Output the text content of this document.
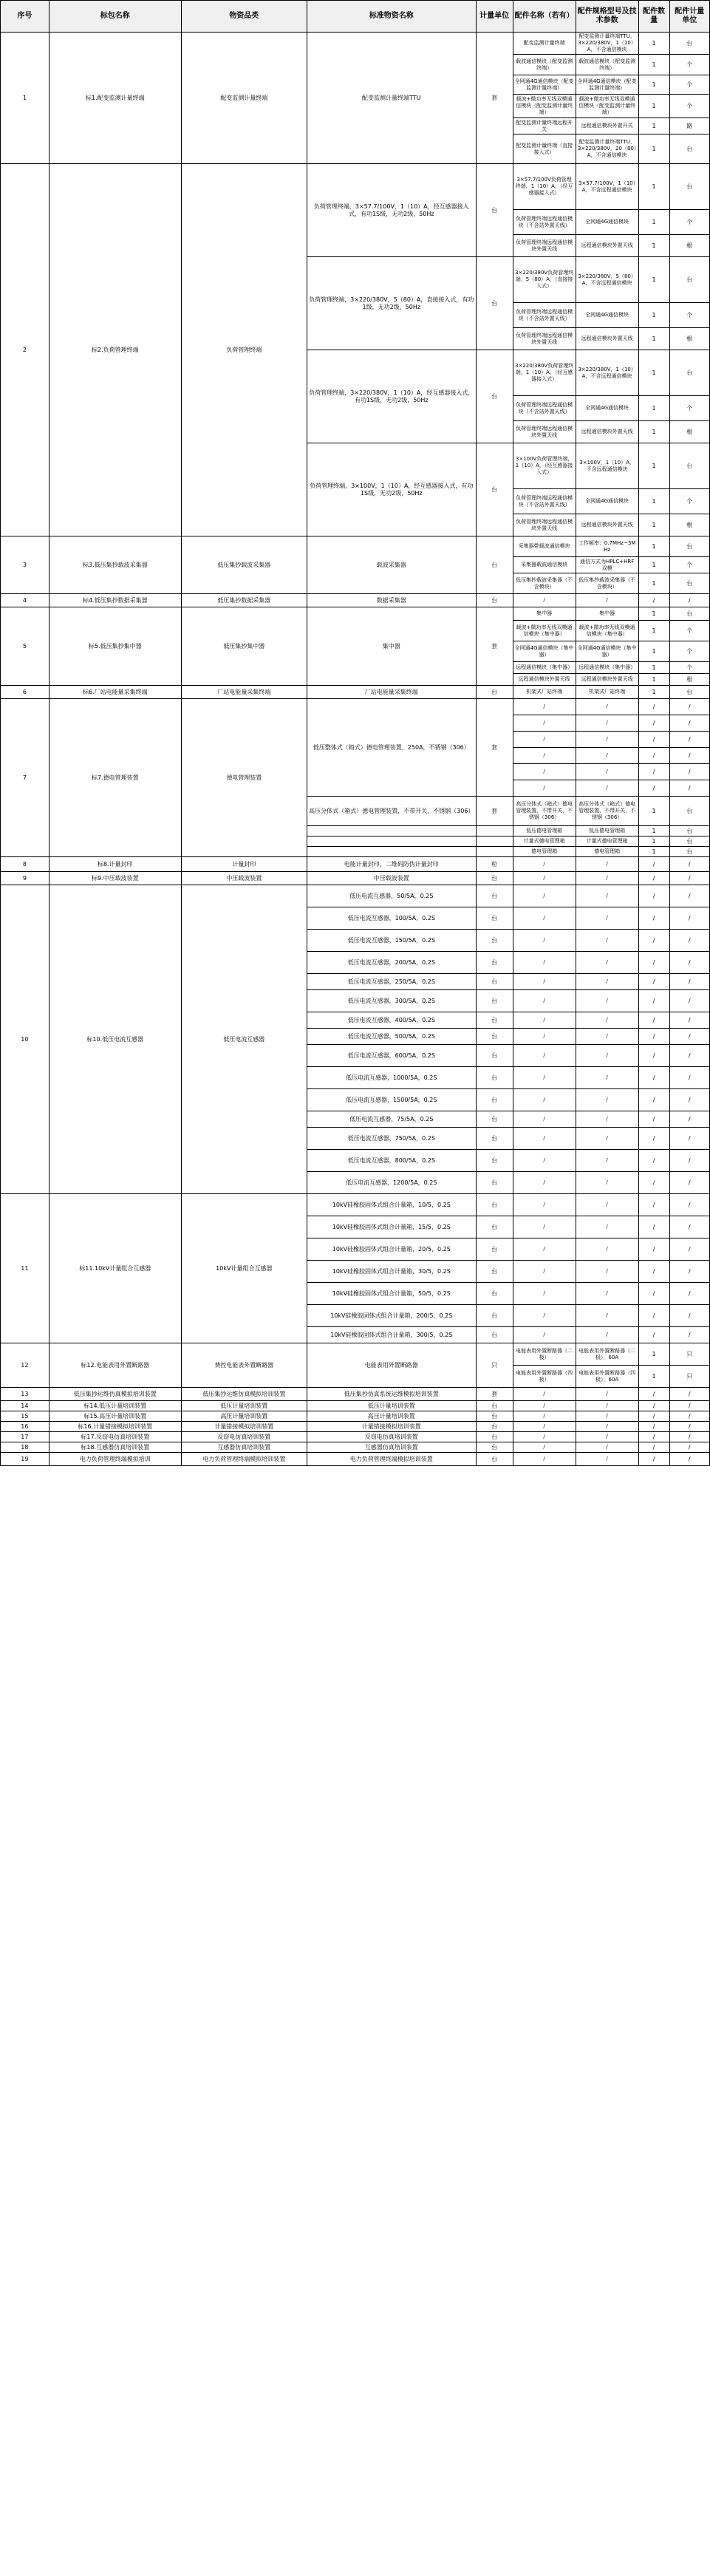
序号	标包名称	物资品类	标准物资名称	计量单位	配件名称（若有）	配件规格型号及技术参数	配件数量	配件计量单位
1	标1.配变监测计量终端	配变监测计量终端	配变监测计量终端TTU	套	配变监测计量终端	配变监测计量终端TTU，3×220/380V，1（10）A，不含通信模块	1	台
					载波通信模块（配变监测终端）	载波通信模块（配变监测终端）	1	个
					全网通4G通信模块（配变监测计量终端）	全网通4G通信模块（配变监测计量终端）	1	个
					载波+微功率无线双模通信模块（配变监测计量终端）	载波+微功率无线双模通信模块（配变监测计量终端）	1	个
					配变监测计量终端远程开关	远程通信模块外置开关	1	路
					配变监测计量终端（直接接入式）	配变监测计量终端TTU，3×220/380V，20（80）A，不含通信模块	1	台
2	标2.负荷管理终端	负荷管理终端	负荷管理终端，3×57.7/100V，1（10）A，经互感器接入式，有功1S级，无功2级，50Hz	台	3×57.7/100V负荷管理终端，1（10）A，（经互感器接入式）	3×57.7/100V，1（10）A，不含远程通信模块	1	台
					负荷管理终端远程通信模块（不含站外置天线）	全网通4G通信模块	1	个
					负荷管理终端远程通信模块外置天线	远程通信模块外置天线	1	根
			负荷管理终端，3×220/380V，5（80）A，直接接入式，有功1级，无功2级，50Hz	台	3×220/380V负荷管理终端，5（80）A，（直接接入式）	3×220/380V，5（80）A，不含远程通信模块	1	台
					负荷管理终端远程通信模块（不含站外置天线）	全网通4G通信模块	1	个
					负荷管理终端远程通信模块外置天线	远程通信模块外置天线	1	根
			负荷管理终端，3×220/380V，1（10）A，经互感器接入式，有功1S级，无功2级，50Hz	台	3×220/380V负荷管理终端，1（10）A，（经互感器接入式）	3×220/380V，1（10）A，不含远程通信模块	1	台
					负荷管理终端远程通信模块（不含站外置天线）	全网通4G通信模块	1	个
					负荷管理终端远程通信模块外置天线	远程通信模块外置天线	1	根
			负荷管理终端，3×100V，1（10）A，经互感器接入式，有功1S级，无功2级，50Hz	台	3×100V负荷管理终端，1（10）A，（经互感器接入式）	3×100V，1（10）A，不含远程通信模块	1	台
					负荷管理终端远程通信模块（不含站外置天线）	全网通4G通信模块	1	个
					负荷管理终端远程通信模块外置天线	远程通信模块外置天线	1	根
3	标3.低压集抄载波采集器	低压集抄载波采集器	载波采集器	台	采集器带载波通信模块	工作频率：0.7MHz~3MHz	1	台
					采集器载波通信模块	通信方式为HPLC+HRF双模	1	个
					低压集抄载波采集器（不含模块）	低压集抄载波采集器（不含模块）	1	台
4	标4.低压集抄数据采集器	低压集抄数据采集器	数据采集器	台	/	/	/	/
5	标5.低压集抄集中器	低压集抄集中器	集中器	套	集中器	集中器	1	台
					载波+微功率无线双模通信模块（集中器）	载波+微功率无线双模通信模块（集中器）	1	个
					全网通4G通信模块（集中器）	全网通4G通信模块（集中器）	1	个
					远程通信模块（集中器）	远程通信模块（集中器）	1	个
					远程通信模块外置天线	远程通信模块外置天线	1	根
6	标6.厂站电能量采集终端	厂站电能量采集终端	厂站电能量采集终端	台	机架式厂站终端	机架式厂站终端	1	台
7	标7.德电管理装置	德电管理装置	低压整体式（箱式）德电管理装置，250A，不锈钢（306）	套	/	/	/	/
					/	/	/	/
					/	/	/	/
					/	/	/	/
					/	/	/	/
					/	/	/	/
			高压分体式（箱式）德电管理装置，不带开关，不锈钢（306）	套	高压分体式（箱式）德电管理装置，不带开关，不锈钢（306）	高压分体式（箱式）德电管理装置，不带开关，不锈钢（306）	1	台
					低压德电管理箱	低压德电管理箱	1	台
					计量式德电管理箱	计量式德电管理箱	1	台
					德电管理箱	德电管理箱	1	台
8	标8.计量封印	计量封印	电能计量封印，二维码防伪计量封印	粒	/	/	/	/
9	标9.中压载波装置	中压载波装置	中压载波装置	台	/	/	/	/
10	标10.低压电流互感器	低压电流互感器	低压电流互感器，50/5A，0.2S	台	/	/	/	/
			低压电流互感器，100/5A，0.2S	台	/	/	/	/
			低压电流互感器，150/5A，0.2S	台	/	/	/	/
			低压电流互感器，200/5A，0.2S	台	/	/	/	/
			低压电流互感器，250/5A，0.2S	台	/	/	/	/
			低压电流互感器，300/5A，0.2S	台	/	/	/	/
			低压电流互感器，400/5A，0.2S	台	/	/	/	/
			低压电流互感器，500/5A，0.2S	台	/	/	/	/
			低压电流互感器，600/5A，0.2S	台	/	/	/	/
			低压电流互感器，1000/5A，0.2S	台	/	/	/	/
			低压电流互感器，1500/5A，0.2S	台	/	/	/	/
			低压电流互感器，75/5A，0.2S	台	/	/	/	/
			低压电流互感器，750/5A，0.2S	台	/	/	/	/
			低压电流互感器，800/5A，0.2S	台	/	/	/	/
			低压电流互感器，1200/5A，0.2S	台	/	/	/	/
11	标11.10kV计量组合互感器	10kV计量组合互感器	10kV硅橡胶固体式组合计量箱，10/5，0.2S	台	/	/	/	/
			10kV硅橡胶固体式组合计量箱，15/5，0.2S	台	/	/	/	/
			10kV硅橡胶固体式组合计量箱，20/5，0.2S	台	/	/	/	/
			10kV硅橡胶固体式组合计量箱，30/5，0.2S	台	/	/	/	/
			10kV硅橡胶固体式组合计量箱，50/5，0.2S	台	/	/	/	/
			10kV硅橡胶固体式组合计量箱，200/5，0.2S	台	/	/	/	/
			10kV硅橡胶固体式组合计量箱，300/5，0.2S	台	/	/	/	/
12	标12.电能表用外置断路器	费控电能表外置断路器	电能表用外置断路器	只	电能表用外置断路器（二极）	电能表用外置断路器（二极），60A	1	只
					电能表用外置断路器（四极）	电能表用外置断路器（四极），60A	1	只
13	低压集抄运维仿真模拟培训装置	低压集抄运维仿真模拟培训装置	低压集抄仿真系统运维模拟培训装置	套	/	/	/	/
14	标14.低压计量培训装置	低压计量培训装置	低压计量培训装置	台	/	/	/	/
15	标15.高压计量培训装置	高压计量培训装置	高压计量培训装置	台	/	/	/	/
16	标16.计量错接模拟培训装置	计量错接模拟培训装置	计量错接模拟培训装置	台	/	/	/	/
17	标17.反窃电仿真培训装置	反窃电仿真培训装置	反窃电仿真培训装置	台	/	/	/	/
18	标18.互感器仿真培训装置	互感器仿真培训装置	互感器仿真培训装置	台	/	/	/	/
19	电力负荷管理终端模拟培训	电力负荷管理终端模拟培训装置	电力负荷管理终端模拟培训装置	台	/	/	/	/
